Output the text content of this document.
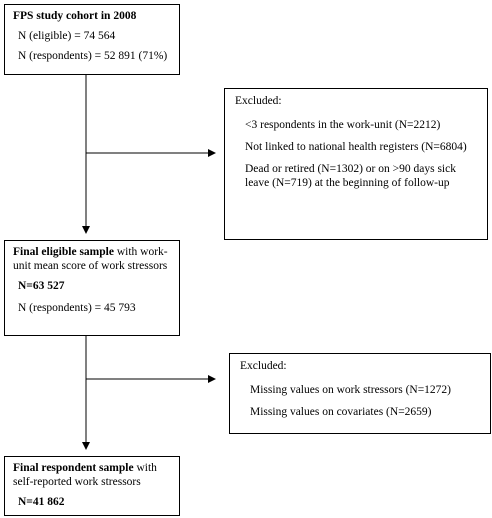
FPS study cohort in 2008

N (eligible) = 74 564

N (respondents) = 52 891 (71%)

Excluded:

<3 respondents in the work-unit (N=2212)

Not linked to national health registers (N=6804)

Dead or retired (N=1302) or on >90 days sick leave (N=719) at the beginning of follow-up

Final eligible sample with work-unit mean score of work stressors

N=63 527

N (respondents) = 45 793

Excluded:

Missing values on work stressors (N=1272)

Missing values on covariates (N=2659)

Final respondent sample with self-reported work stressors

N=41 862
